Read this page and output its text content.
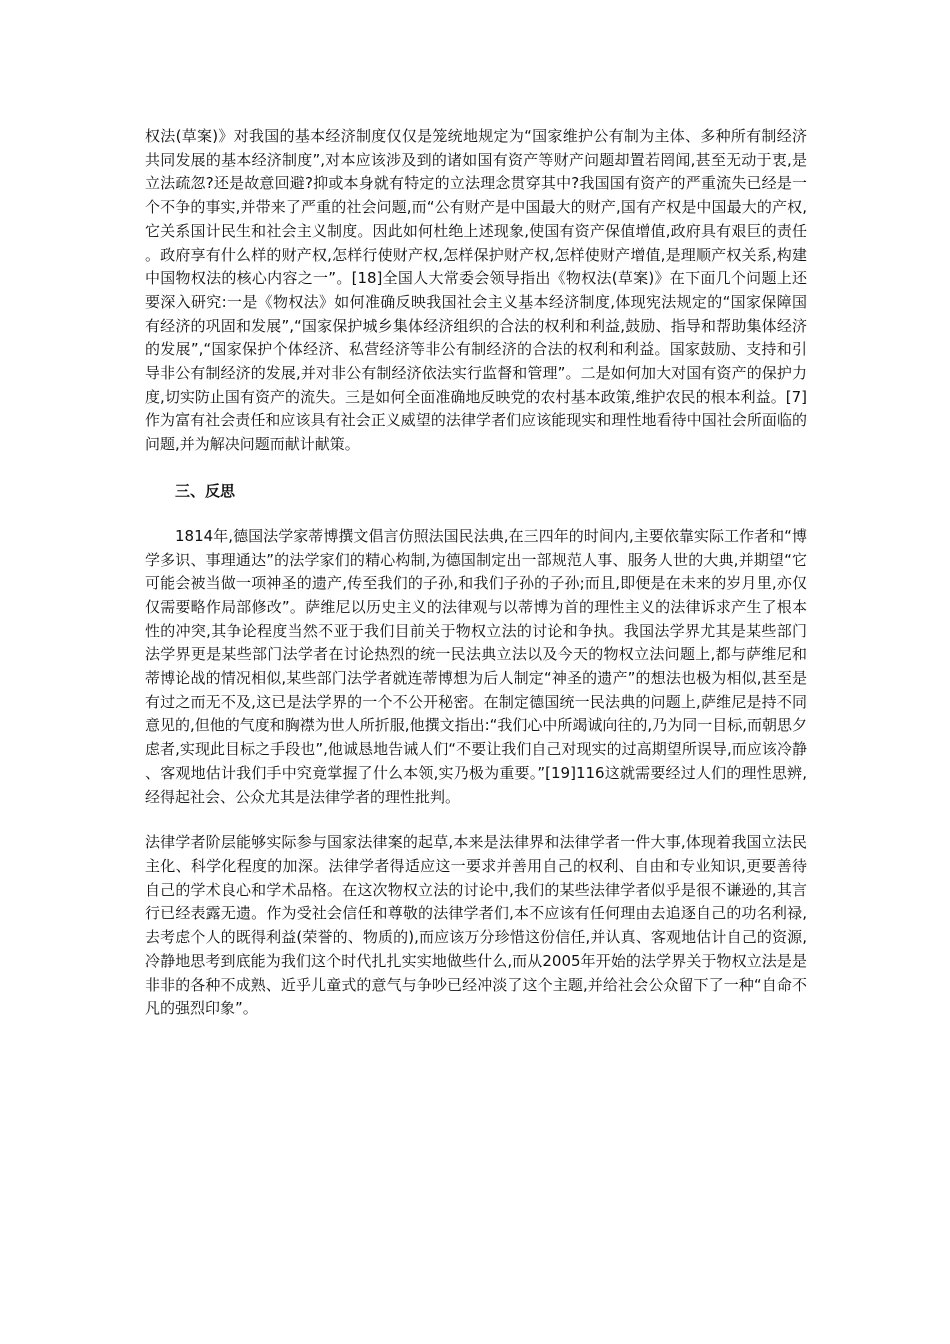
权法(草案)》对我国的基本经济制度仅仅是笼统地规定为“国家维护公有制为主体、多种所有制经济共同发展的基本经济制度”,对本应该涉及到的诸如国有资产等财产问题却置若罔闻,甚至无动于衷,是立法疏忽?还是故意回避?抑或本身就有特定的立法理念贯穿其中?我国国有资产的严重流失已经是一个不争的事实,并带来了严重的社会问题,而“公有财产是中国最大的财产,国有产权是中国最大的产权,它关系国计民生和社会主义制度。因此如何杜绝上述现象,使国有资产保值增值,政府具有艰巨的责任。政府享有什么样的财产权,怎样行使财产权,怎样保护财产权,怎样使财产增值,是理顺产权关系,构建中国物权法的核心内容之一”。[18]全国人大常委会领导指出《物权法(草案)》在下面几个问题上还要深入研究:一是《物权法》如何准确反映我国社会主义基本经济制度,体现宪法规定的“国家保障国有经济的巩固和发展”,“国家保护城乡集体经济组织的合法的权利和利益,鼓励、指导和帮助集体经济的发展”,“国家保护个体经济、私营经济等非公有制经济的合法的权利和利益。国家鼓励、支持和引导非公有制经济的发展,并对非公有制经济依法实行监督和管理”。二是如何加大对国有资产的保护力度,切实防止国有资产的流失。三是如何全面准确地反映党的农村基本政策,维护农民的根本利益。[7]作为富有社会责任和应该具有社会正义威望的法律学者们应该能现实和理性地看待中国社会所面临的问题,并为解决问题而献计献策。

三、反思

1814年,德国法学家蒂博撰文倡言仿照法国民法典,在三四年的时间内,主要依靠实际工作者和“博学多识、事理通达”的法学家们的精心构制,为德国制定出一部规范人事、服务人世的大典,并期望“它可能会被当做一项神圣的遗产,传至我们的子孙,和我们子孙的子孙;而且,即便是在未来的岁月里,亦仅仅需要略作局部修改”。萨维尼以历史主义的法律观与以蒂博为首的理性主义的法律诉求产生了根本性的冲突,其争论程度当然不亚于我们目前关于物权立法的讨论和争执。我国法学界尤其是某些部门法学界更是某些部门法学者在讨论热烈的统一民法典立法以及今天的物权立法问题上,都与萨维尼和蒂博论战的情况相似,某些部门法学者就连蒂博想为后人制定“神圣的遗产”的想法也极为相似,甚至是有过之而无不及,这已是法学界的一个不公开秘密。在制定德国统一民法典的问题上,萨维尼是持不同意见的,但他的气度和胸襟为世人所折服,他撰文指出:“我们心中所竭诚向往的,乃为同一目标,而朝思夕虑者,实现此目标之手段也”,他诚恳地告诫人们“不要让我们自己对现实的过高期望所误导,而应该冷静、客观地估计我们手中究竟掌握了什么本领,实乃极为重要。”[19]116这就需要经过人们的理性思辨,经得起社会、公众尤其是法律学者的理性批判。

法律学者阶层能够实际参与国家法律案的起草,本来是法律界和法律学者一件大事,体现着我国立法民主化、科学化程度的加深。法律学者得适应这一要求并善用自己的权利、自由和专业知识,更要善待自己的学术良心和学术品格。在这次物权立法的讨论中,我们的某些法律学者似乎是很不谦逊的,其言行已经表露无遗。作为受社会信任和尊敬的法律学者们,本不应该有任何理由去追逐自己的功名利禄,去考虑个人的既得利益(荣誉的、物质的),而应该万分珍惜这份信任,并认真、客观地估计自己的资源,冷静地思考到底能为我们这个时代扎扎实实地做些什么,而从2005年开始的法学界关于物权立法是是非非的各种不成熟、近乎儿童式的意气与争吵已经冲淡了这个主题,并给社会公众留下了一种“自命不凡的强烈印象”。
